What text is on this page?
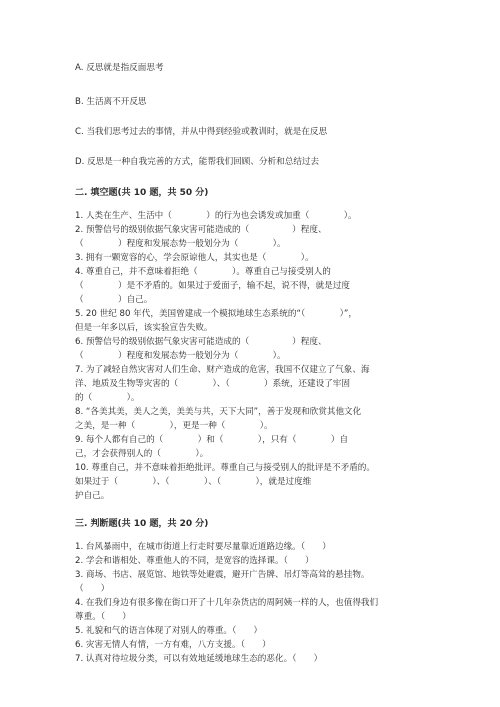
A. 反思就是指反面思考
B. 生活离不开反思
C. 当我们思考过去的事情，并从中得到经验或教训时，就是在反思
D. 反思是一种自我完善的方式，能帮我们回顾、分析和总结过去
二. 填空题(共 10 题，共 50 分)
1. 人类在生产、生活中（　　　　）的行为也会诱发或加重（　　　　）。
2. 预警信号的级别依据气象灾害可能造成的（　　　　　）程度、
（　　　　）程度和发展态势一般划分为（　　　　）。
3. 拥有一颗宽容的心，学会原谅他人，其实也是（　　　　）。
4. 尊重自己，并不意味着拒绝（　　　　）。尊重自己与接受别人的
（　　　　）是不矛盾的。如果过于爱面子，输不起，说不得，就是过度
（　　　　）自己。
5. 20 世纪 80 年代，美国曾建成一个模拟地球生态系统的“（　　　　）”，
但是一年多以后，该实验宣告失败。
6. 预警信号的级别依据气象灾害可能造成的（　　　　　）程度、
（　　　　）程度和发展态势一般划分为（　　　　）。
7. 为了减轻自然灾害对人们生命、财产造成的危害，我国不仅建立了气象、海
洋、地质及生物等灾害的（　　　　）、（　　　　）系统，还建设了牢固
的（　　　　）。
8. “各美其美，美人之美，美美与共，天下大同”，善于发现和欣赏其他文化
之美，是一种（　　　　），更是一种（　　　　）。
9. 每个人都有自己的（　　　　）和（　　　　），只有（　　　　）自
己，才会获得别人的（　　　　）。
10. 尊重自己，并不意味着拒绝批评。尊重自己与接受别人的批评是不矛盾的。
如果过于（　　　　）、（　　　　）、（　　　　），就是过度维
护自己。
三. 判断题(共 10 题，共 20 分)
1. 台风暴雨中，在城市街道上行走时要尽量靠近道路边缘。（　　）
2. 学会和谐相处、尊重他人的不同，是宽容的选择课。（　　）
3. 商场、书店、展览馆、地铁等处避震，避开广告牌、吊灯等高耸的悬挂物。
（　　）
4. 在我们身边有很多像在街口开了十几年杂货店的周阿姨一样的人，也值得我们
尊重。（　　）
5. 礼貌和气的语言体现了对别人的尊重。（　　）
6. 灾害无情人有情，一方有难，八方支援。（　　）
7. 认真对待垃圾分类，可以有效地延缓地球生态的恶化。（　　）
